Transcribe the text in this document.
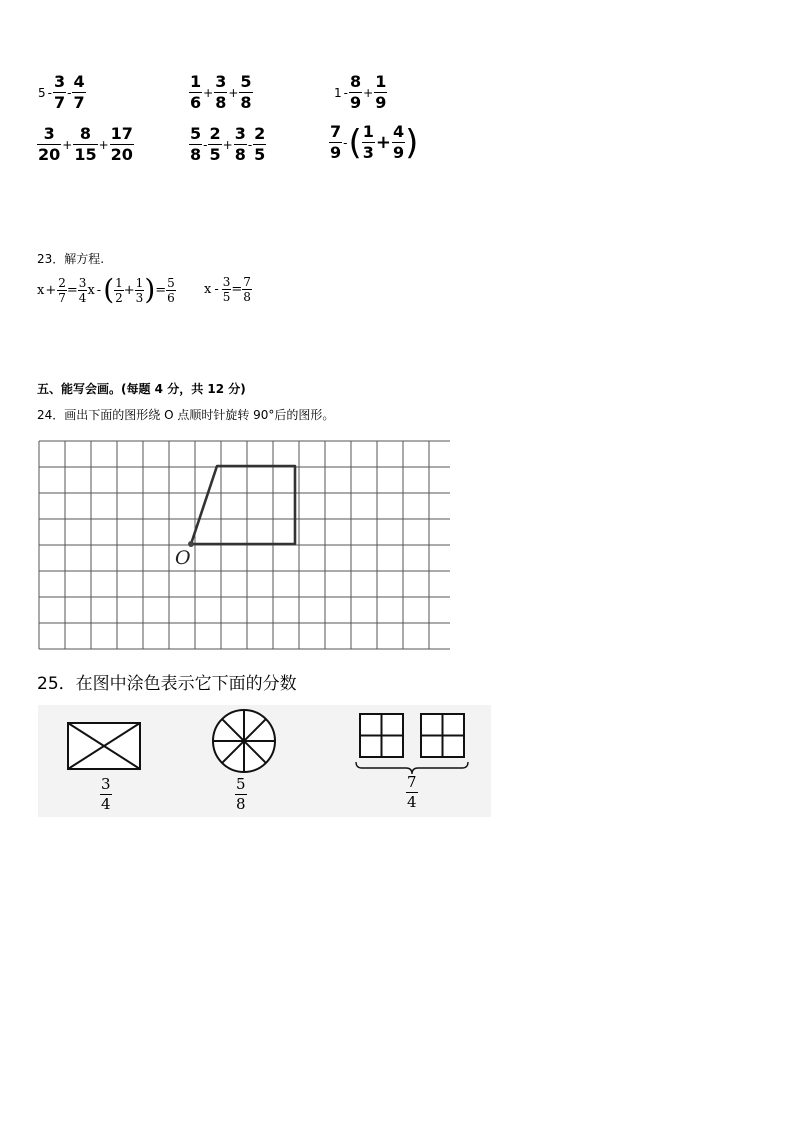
$5 - \frac{3}{7} - \frac{4}{7}$	$\frac{1}{6} + \frac{3}{8} + \frac{5}{8}$	$1 - \frac{8}{9} + \frac{1}{9}$
$\frac{3}{20} + \frac{8}{15} + \frac{17}{20}$	$\frac{5}{8} - \frac{2}{5} + \frac{3}{8} - \frac{2}{5}$	$\frac{7}{9}$ - ( $\frac{1}{3} + \frac{4}{9}$ )
23．解方程.
$x + \frac{2}{7} = \frac{3}{4}$ x - ( $\frac{1}{2} + \frac{1}{3}$ ) = $\frac{5}{6}$ $x - \frac{3}{5} = \frac{7}{8}$
五、能写会画。(每题 4 分，共 12 分)
24．画出下面的图形绕 O 点顺时针旋转 90°后的图形。
O
25．在图中涂色表示它下面的分数
3
4
5
8
7
4
